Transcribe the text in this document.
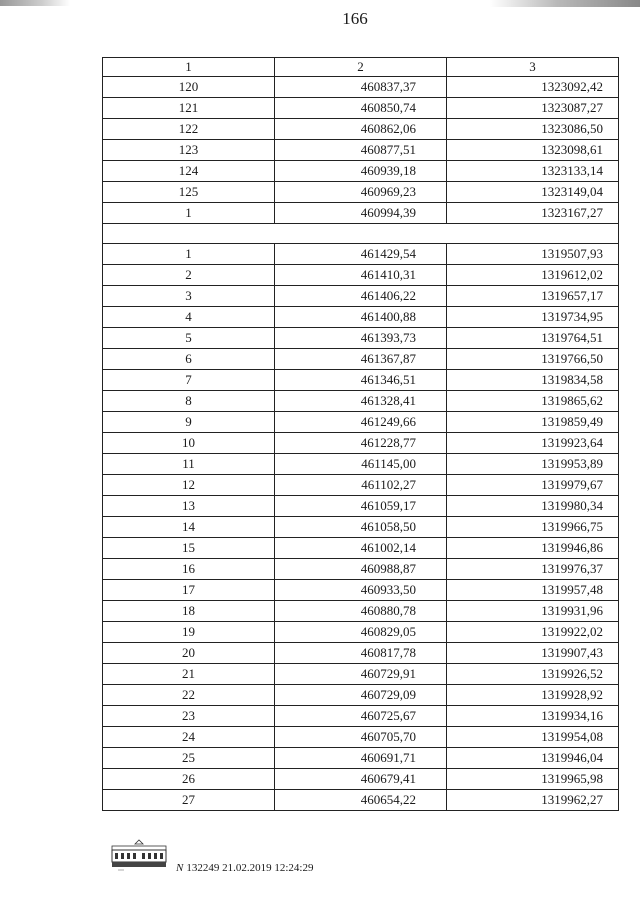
166
1	2	3
120	460837,37	1323092,42
121	460850,74	1323087,27
122	460862,06	1323086,50
123	460877,51	1323098,61
124	460939,18	1323133,14
125	460969,23	1323149,04
1	460994,39	1323167,27

1	461429,54	1319507,93
2	461410,31	1319612,02
3	461406,22	1319657,17
4	461400,88	1319734,95
5	461393,73	1319764,51
6	461367,87	1319766,50
7	461346,51	1319834,58
8	461328,41	1319865,62
9	461249,66	1319859,49
10	461228,77	1319923,64
11	461145,00	1319953,89
12	461102,27	1319979,67
13	461059,17	1319980,34
14	461058,50	1319966,75
15	461002,14	1319946,86
16	460988,87	1319976,37
17	460933,50	1319957,48
18	460880,78	1319931,96
19	460829,05	1319922,02
20	460817,78	1319907,43
21	460729,91	1319926,52
22	460729,09	1319928,92
23	460725,67	1319934,16
24	460705,70	1319954,08
25	460691,71	1319946,04
26	460679,41	1319965,98
27	460654,22	1319962,27
N 132249 21.02.2019 12:24:29
